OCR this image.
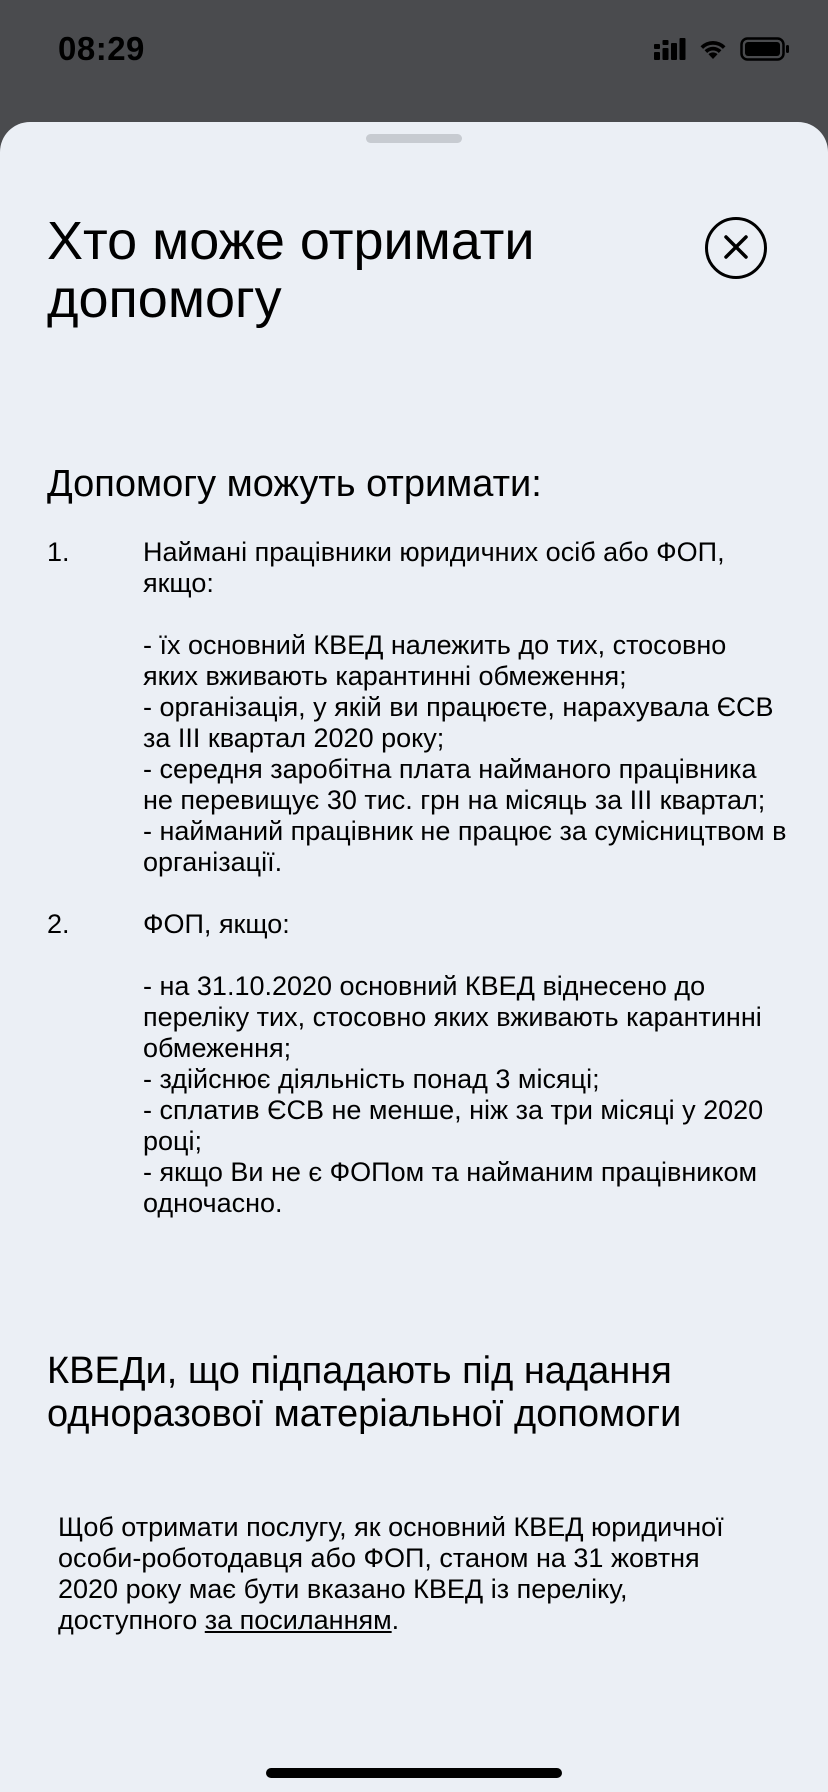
08:29
Хто може отримати допомогу
Допомогу можуть отримати:
1.	Наймані працівники юридичних осіб або ФОП, якщо:

- їх основний КВЕД належить до тих, стосовно яких вживають карантинні обмеження;

- організація, у якій ви працюєте, нарахувала ЄСВ за III квартал 2020 року;

- середня заробітна плата найманого працівника не перевищує 30 тис. грн на місяць за III квартал;

- найманий працівник не працює за сумісництвом в організації.

2.	ФОП, якщо:

- на 31.10.2020 основний КВЕД віднесено до переліку тих, стосовно яких вживають карантинні обмеження;

- здійснює діяльність понад 3 місяці;

- сплатив ЄСВ не менше, ніж за три місяці у 2020 році;

- якщо Ви не є ФОПом та найманим працівником одночасно.

КВЕДи, що підпадають під надання одноразової матеріальної допомоги

Щоб отримати послугу, як основний КВЕД юридичної особи-роботодавця або ФОП, станом на 31 жовтня 2020 року має бути вказано КВЕД із переліку, доступного за посиланням.
